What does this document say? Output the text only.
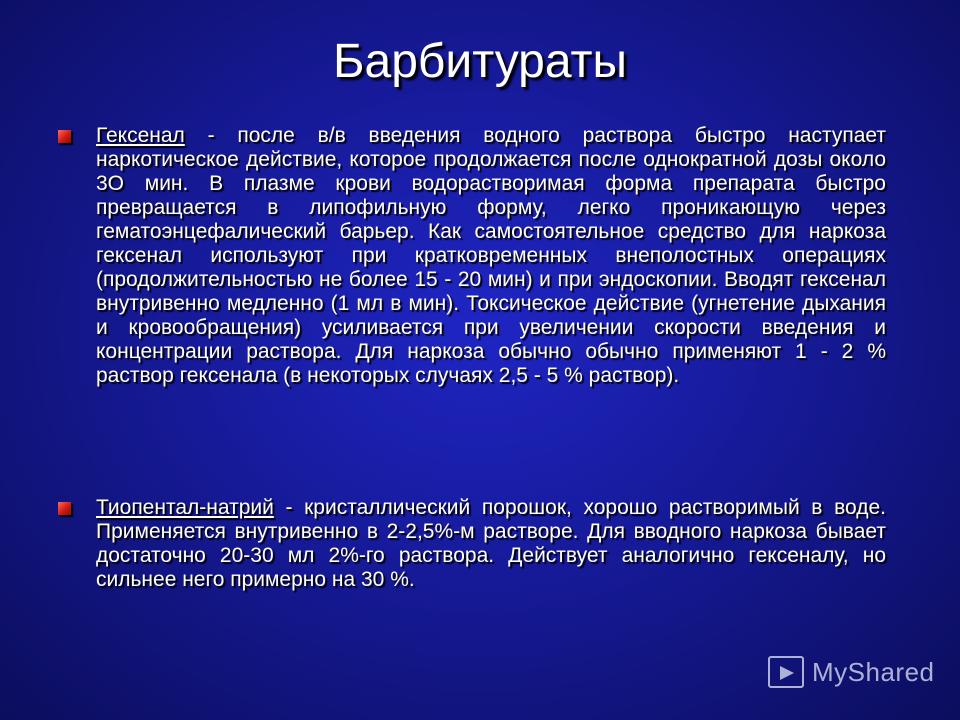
Барбитураты

Гексенал - после в/в введения водного раствора быстро наступает наркотическое действие, которое продолжается после однократной дозы около 3О мин. В плазме крови водорастворимая форма препарата быстро превращается в липофильную форму, легко проникающую через гематоэнцефалический барьер. Как самостоятельное средство для наркоза гексенал используют при кратковременных внеполостных операциях (продолжительностью не более 15 - 20 мин) и при эндоскопии. Вводят гексенал внутривенно медленно (1 мл в мин). Токсическое действие (угнетение дыхания и кровообращения) усиливается при увеличении скорости введения и концентрации раствора. Для наркоза обычно обычно применяют 1 - 2 % раствор гексенала (в некоторых случаях 2,5 - 5 % раствор).

Тиопентал-натрий - кристаллический порошок, хорошо растворимый в воде. Применяется внутривенно в 2-2,5%-м растворе. Для вводного наркоза бывает достаточно 20-30 мл 2%-го раствора. Действует аналогично гексеналу, но сильнее него примерно на 30 %.

MyShared
